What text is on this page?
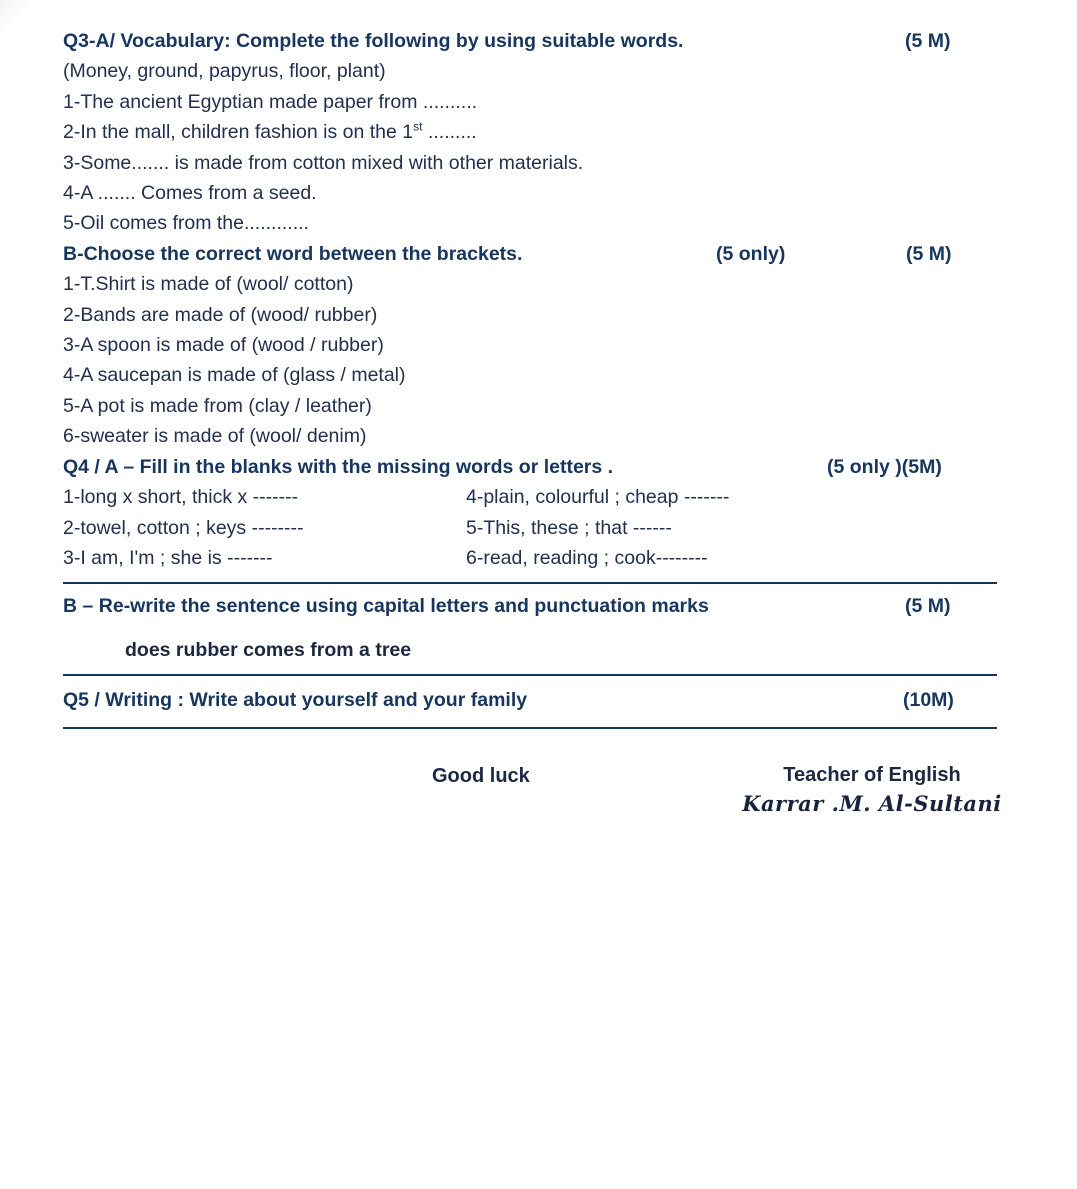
Q3-A/ Vocabulary: Complete the following by using suitable words.	(5 M)

(Money, ground, papyrus, floor, plant)

1-The ancient Egyptian made paper from ..........

2-In the mall, children fashion is on the 1st .........

3-Some....... is made from cotton mixed with other materials.

4-A ....... Comes from a seed.

5-Oil comes from the............

B-Choose the correct word between the brackets.	(5 only)	(5 M)

1-T.Shirt is made of (wool/ cotton)

2-Bands are made of (wood/ rubber)

3-A spoon is made of (wood / rubber)

4-A saucepan is made of (glass / metal)

5-A pot is made from (clay / leather)

6-sweater is made of (wool/ denim)

Q4 / A – Fill in the blanks with the missing words or letters .	(5 only )(5M)

1-long x short, thick x -------

2-towel, cotton ; keys --------

3-I am, I'm ; she is -------

4-plain, colourful ; cheap -------

5-This, these ; that ------

6-read, reading ; cook--------

B – Re-write the sentence using capital letters and punctuation marks	(5 M)

does rubber comes from a tree

Q5 / Writing : Write about yourself and your family	(10M)
Good luck	Teacher of English
Karrar .M. Al-Sultani
